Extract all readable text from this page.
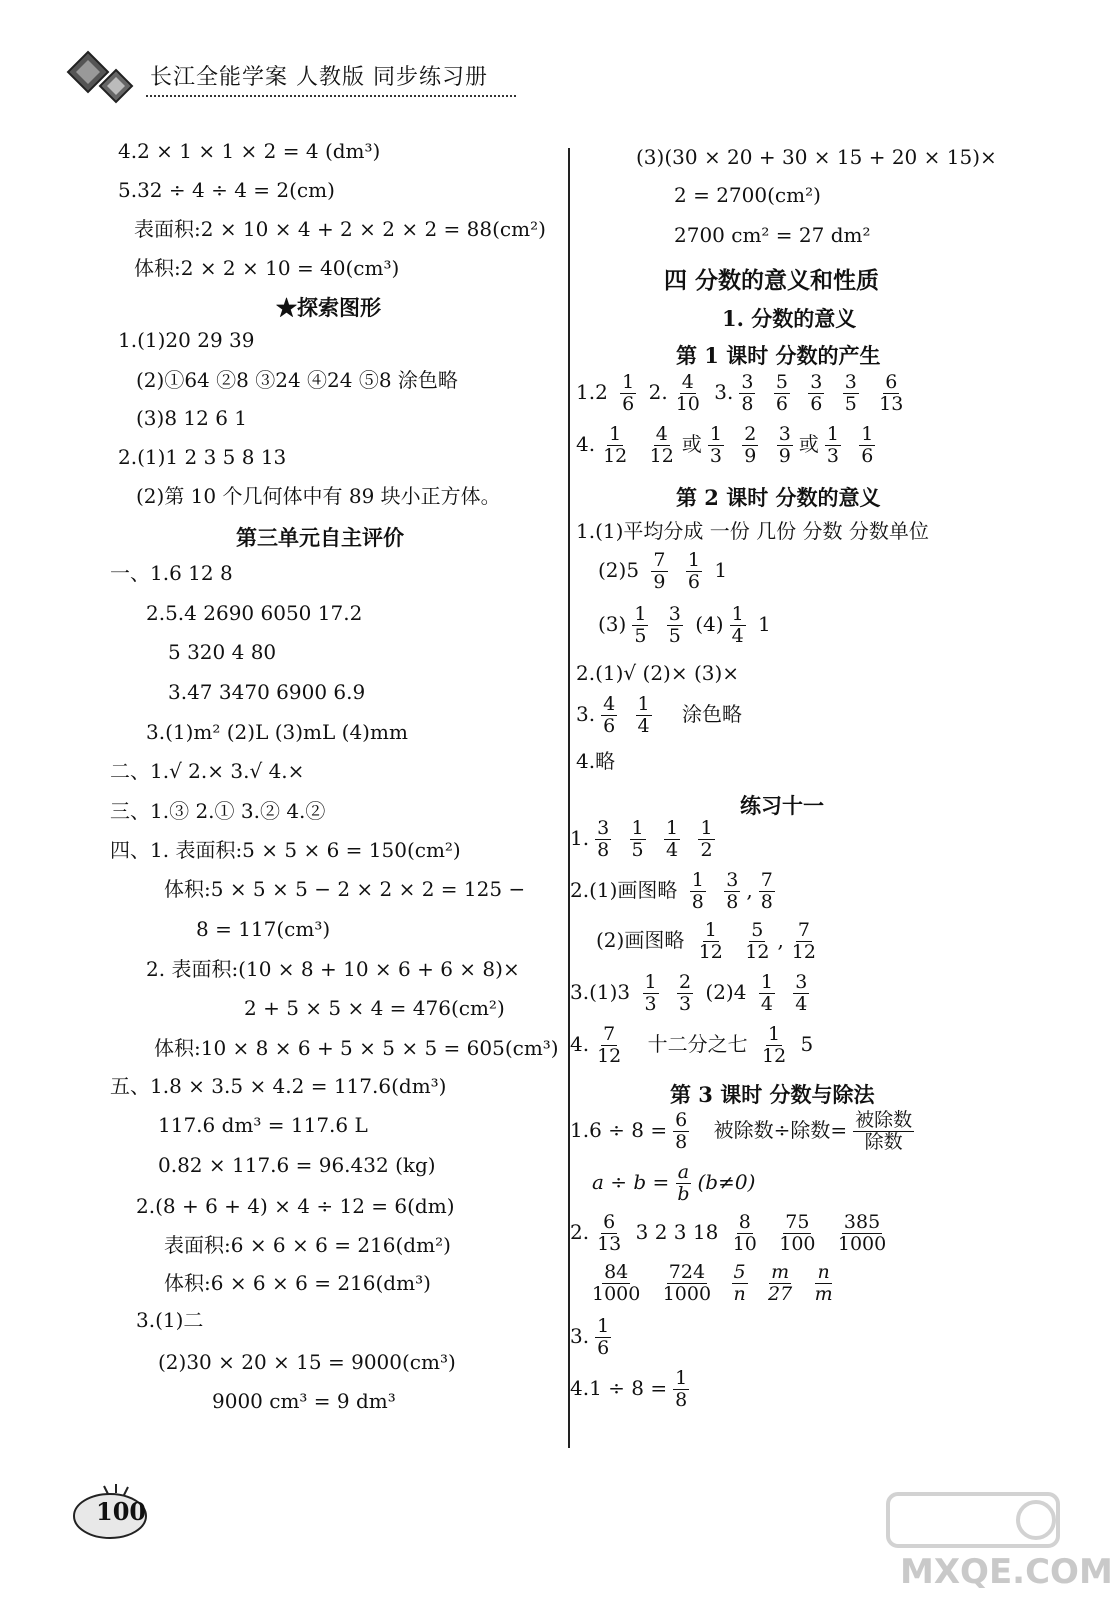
长江全能学案 人教版 同步练习册
4.2 × 1 × 1 × 2 = 4 (dm³)
5.32 ÷ 4 ÷ 4 = 2(cm)
表面积:2 × 10 × 4 + 2 × 2 × 2 = 88(cm²)
体积:2 × 2 × 10 = 40(cm³)
★探索图形
1.(1)20 29 39
(2)①64 ②8 ③24 ④24 ⑤8 涂色略
(3)8 12 6 1
2.(1)1 2 3 5 8 13
(2)第 10 个几何体中有 89 块小正方体。
第三单元自主评价
一、1.6 12 8
2.5.4 2690 6050 17.2
5 320 4 80
3.47 3470 6900 6.9
3.(1)m² (2)L (3)mL (4)mm
二、1.√ 2.× 3.√ 4.×
三、1.③ 2.① 3.② 4.②
四、1. 表面积:5 × 5 × 6 = 150(cm²)
体积:5 × 5 × 5 − 2 × 2 × 2 = 125 −
8 = 117(cm³)
2. 表面积:(10 × 8 + 10 × 6 + 6 × 8)×
2 + 5 × 5 × 4 = 476(cm²)
体积:10 × 8 × 6 + 5 × 5 × 5 = 605(cm³)
五、1.8 × 3.5 × 4.2 = 117.6(dm³)
117.6 dm³ = 117.6 L
0.82 × 117.6 = 96.432 (kg)
2.(8 + 6 + 4) × 4 ÷ 12 = 6(dm)
表面积:6 × 6 × 6 = 216(dm²)
体积:6 × 6 × 6 = 216(dm³)
3.(1)二
(2)30 × 20 × 15 = 9000(cm³)
9000 cm³ = 9 dm³
(3)(30 × 20 + 30 × 15 + 20 × 15)×
2 = 2700(cm²)
2700 cm² = 27 dm²
四 分数的意义和性质
1. 分数的意义
第 1 课时 分数的产生
$1.2 \frac{1}{6} 2$. $\frac{4}{10} 3$. $\frac{3}{8}$
$\frac{5}{6}$
$\frac{3}{6}$
$\frac{3}{5}$
$\frac{6}{13}$
4. $\frac{1}{12}$
$\frac{4}{12}$ 或 $\frac{1}{3}$
$\frac{2}{9}$
$\frac{3}{9}$ 或 $\frac{1}{3}$
$\frac{1}{6}$
第 2 课时 分数的意义
1.(1)平均分成 一份 几份 分数 分数单位
$(2)5 \frac{7}{9}$
$\frac{1}{6} 1$
$(3) \frac{1}{5}$
$\frac{3}{5} (4) \frac{1}{4} 1$
2.(1)√ (2)× (3)×
3. $\frac{4}{6}$
$\frac{1}{4}$ 涂色略
4.略
练习十一
1. $\frac{3}{8}$
$\frac{1}{5}$
$\frac{1}{4}$
$\frac{1}{2}$
2.(1)画图略 $\frac{1}{8}$
$\frac{3}{8}$ , $\frac{7}{8}$
(2)画图略 $\frac{1}{12}$
$\frac{5}{12}$ , $\frac{7}{12}$
$3.(1)3 \frac{1}{3}$
$\frac{2}{3} (2)4 \frac{1}{4}$
$\frac{3}{4}$
4. $\frac{7}{12}$ 十二分之七 $\frac{1}{12} 5$
第 3 课时 分数与除法
$1.6 \div 8 = \frac{6}{8}$ 被除数÷除数= $\frac{\text{被除数}}{\text{除数}}$
$a \div b = \frac{a}{b} (b\ne 0)$
2. $\frac{6}{13} 3$ 2 3 $18 \frac{8}{10}$
$\frac{75}{100}$
$\frac{385}{1000}$
$\frac{84}{1000}$
$\frac{724}{1000}$
$\frac{5}{n}$
$\frac{m}{27}$
$\frac{n}{m}$
3. $\frac{1}{6}$
$4.1 \div 8 = \frac{1}{8}$
100
MXQE.COM
